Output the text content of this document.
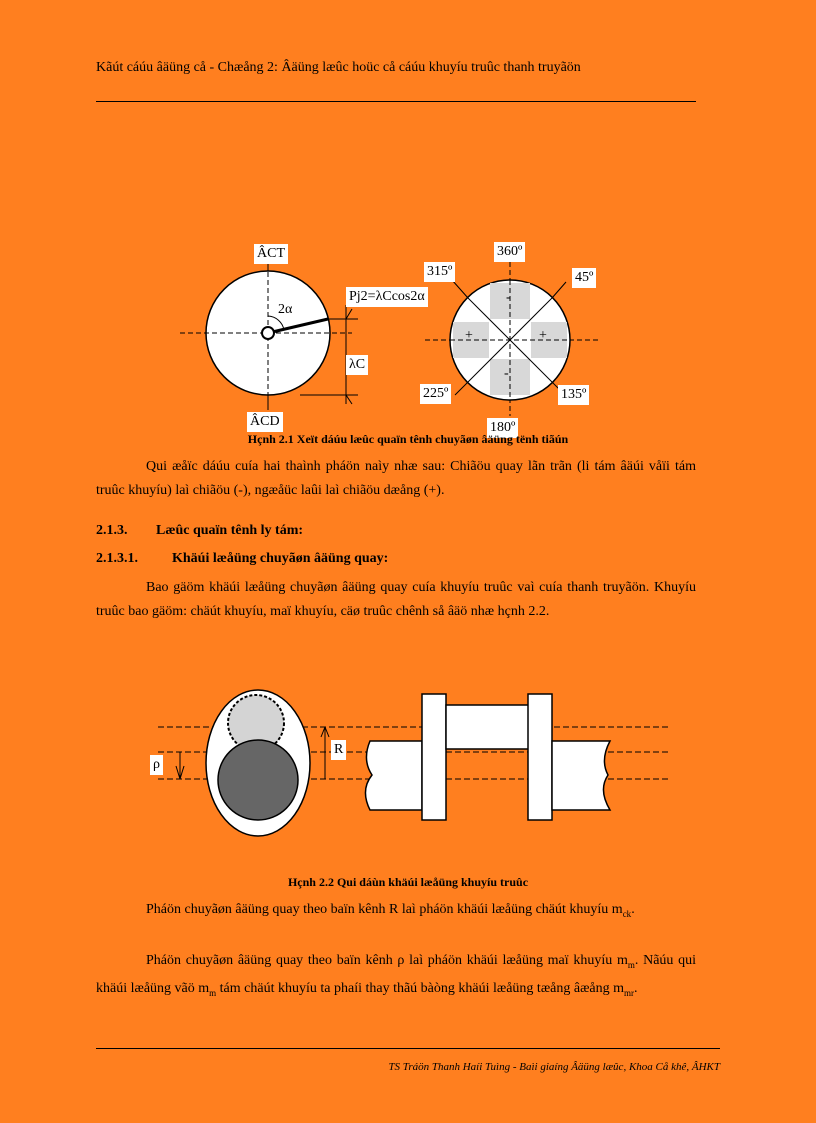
Kãút cáúu âäüng cå - Chæång 2: Âäüng læûc hoüc cå cáúu khuyíu truûc thanh truyãön
ÂCT
ÂCD
2α
Pj2=λCcos2α
λC
360º
315º	45º
225º	135º
180º
-
+	+
-
Hçnh 2.1 Xeït dáúu læûc quaïn tênh chuyãøn âäüng tënh tiãún
Qui æåïc dáúu cuía hai thaình pháön naìy nhæ sau: Chiãöu quay lãn trãn (li tám âäúi våïi tám truûc khuyíu) laì chiãöu (-), ngæåüc laûi laì chiãöu dæång (+).
2.1.3. Læûc quaïn tênh ly tám:
2.1.3.1. Khäúi læåüng chuyãøn âäüng quay:
Bao gäöm khäúi læåüng chuyãøn âäüng quay cuía khuyíu truûc vaì cuía thanh truyãön. Khuyíu truûc bao gäöm: chäút khuyíu, maï khuyíu, cäø truûc chênh så âäö nhæ hçnh 2.2.
ρ
R
Hçnh 2.2 Qui dáùn khäúi læåüng khuyíu truûc
Pháön chuyãøn âäüng quay theo baïn kênh R laì pháön khäúi læåüng chäút khuyíu $m_{ck}$.
Pháön chuyãøn âäüng quay theo baïn kênh ρ laì pháön khäúi læåüng maï khuyíu $m_m$. Nãúu qui khäúi læåüng vãö $m_m$ tám chäút khuyíu ta phaíi thay thãú bàòng khäúi læåüng tæång âæång $m_{mr}$.
TS Tráön Thanh Haíi Tuìng - Baìi giaíng Âäüng læûc, Khoa Cå khê, ÂHKT
